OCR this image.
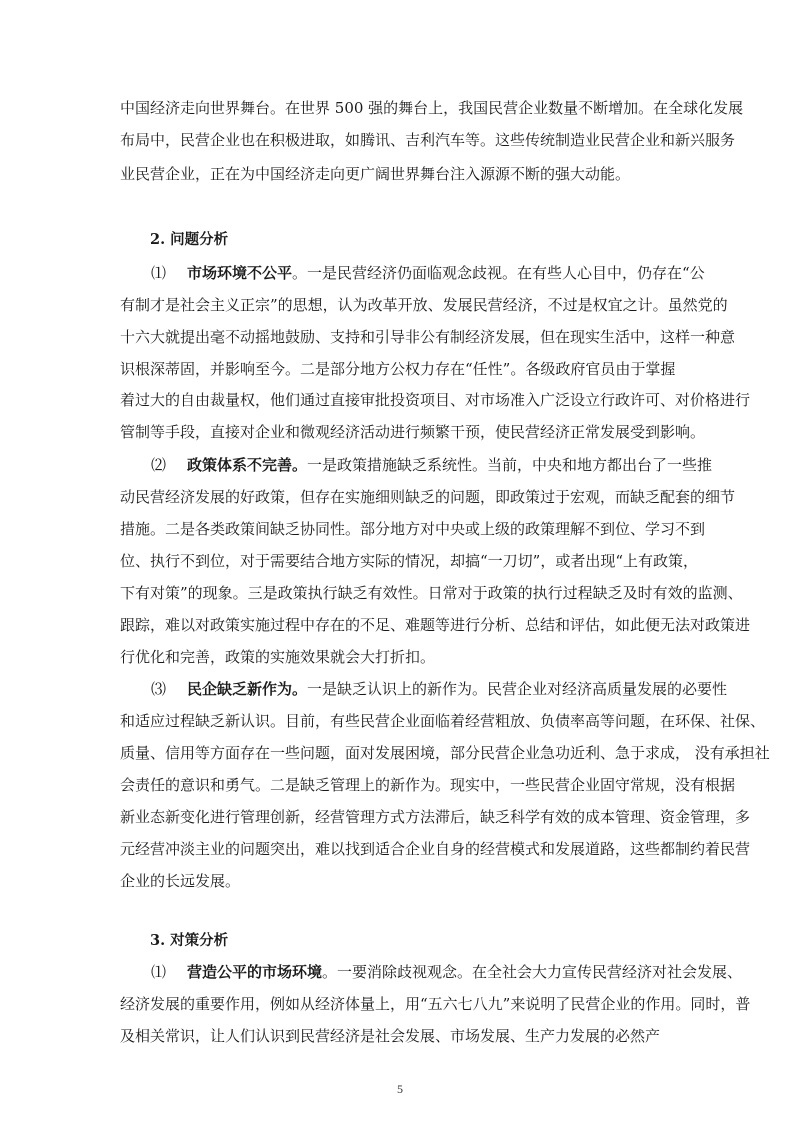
中国经济走向世界舞台。在世界 500 强的舞台上，我国民营企业数量不断增加。在全球化发展
布局中，民营企业也在积极进取，如腾讯、吉利汽车等。这些传统制造业民营企业和新兴服务
业民营企业，正在为中国经济走向更广阔世界舞台注入源源不断的强大动能。
2. 问题分析
⑴ 市场环境不公平。一是民营经济仍面临观念歧视。在有些人心目中，仍存在“公
有制才是社会主义正宗”的思想，认为改革开放、发展民营经济，不过是权宜之计。虽然党的
十六大就提出毫不动摇地鼓励、支持和引导非公有制经济发展，但在现实生活中，这样一种意
识根深蒂固，并影响至今。二是部分地方公权力存在“任性”。各级政府官员由于掌握
着过大的自由裁量权，他们通过直接审批投资项目、对市场准入广泛设立行政许可、对价格进行
管制等手段，直接对企业和微观经济活动进行频繁干预，使民营经济正常发展受到影响。
⑵ 政策体系不完善。一是政策措施缺乏系统性。当前，中央和地方都出台了一些推
动民营经济发展的好政策，但存在实施细则缺乏的问题，即政策过于宏观，而缺乏配套的细节
措施。二是各类政策间缺乏协同性。部分地方对中央或上级的政策理解不到位、学习不到
位、执行不到位，对于需要结合地方实际的情况，却搞“一刀切”，或者出现“上有政策，
下有对策”的现象。三是政策执行缺乏有效性。日常对于政策的执行过程缺乏及时有效的监测、
跟踪，难以对政策实施过程中存在的不足、难题等进行分析、总结和评估，如此便无法对政策进
行优化和完善，政策的实施效果就会大打折扣。
⑶ 民企缺乏新作为。一是缺乏认识上的新作为。民营企业对经济高质量发展的必要性
和适应过程缺乏新认识。目前，有些民营企业面临着经营粗放、负债率高等问题，在环保、社保、
质量、信用等方面存在一些问题，面对发展困境，部分民营企业急功近利、急于求成， 没有承担社
会责任的意识和勇气。二是缺乏管理上的新作为。现实中，一些民营企业固守常规，没有根据
新业态新变化进行管理创新，经营管理方式方法滞后，缺乏科学有效的成本管理、资金管理，多
元经营冲淡主业的问题突出，难以找到适合企业自身的经营模式和发展道路，这些都制约着民营
企业的长远发展。
3. 对策分析
⑴ 营造公平的市场环境。一要消除歧视观念。在全社会大力宣传民营经济对社会发展、
经济发展的重要作用，例如从经济体量上，用“五六七八九”来说明了民营企业的作用。同时，普
及相关常识，让人们认识到民营经济是社会发展、市场发展、生产力发展的必然产
5
